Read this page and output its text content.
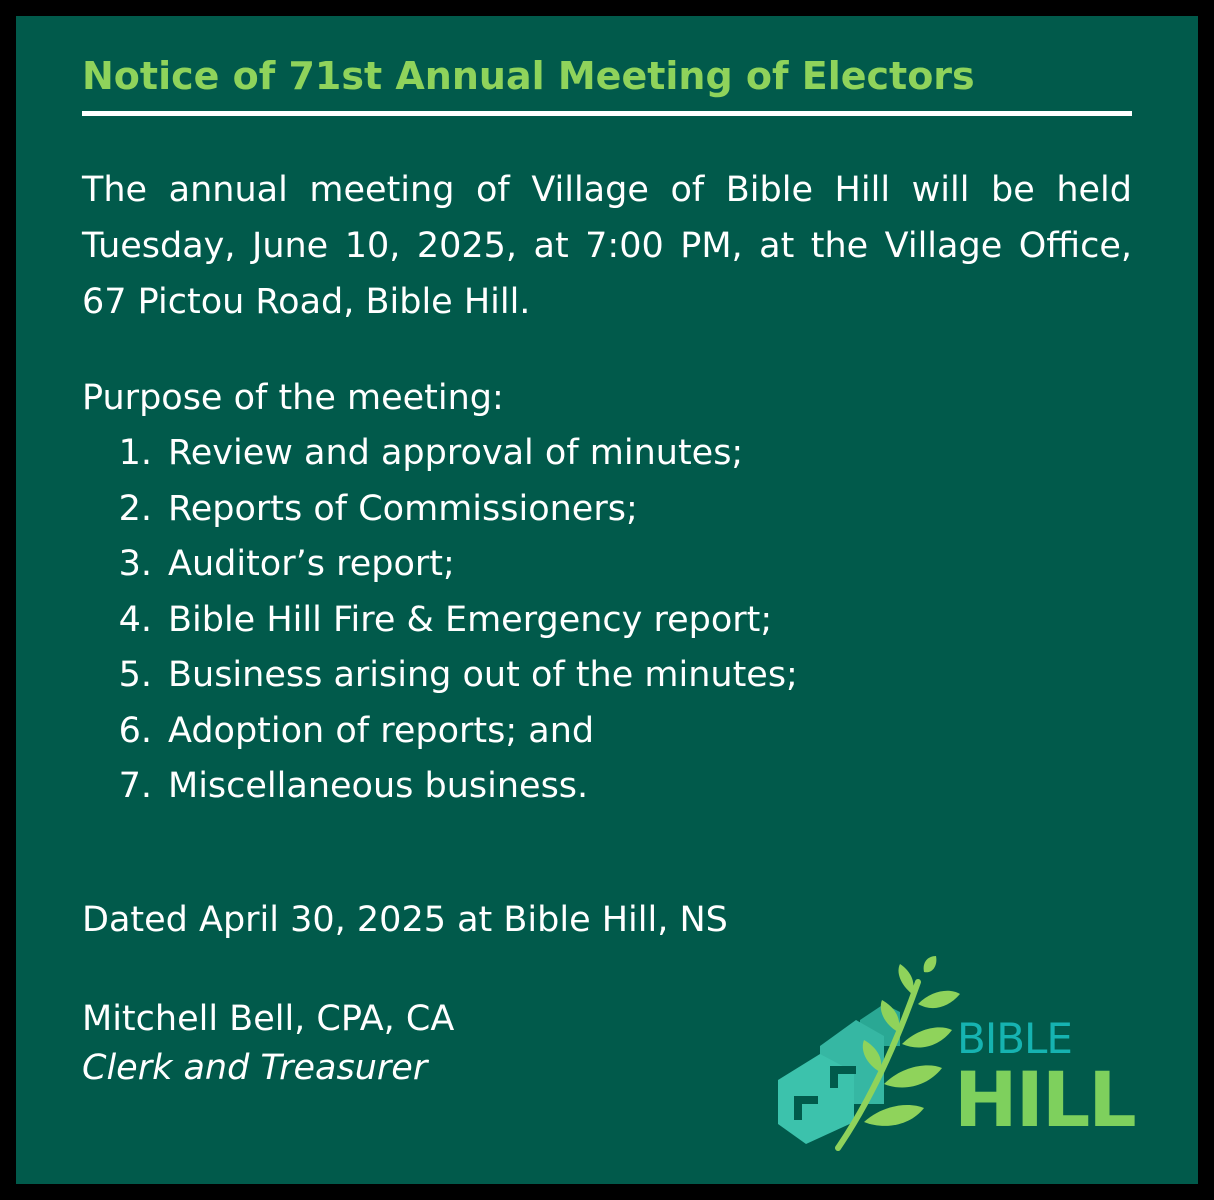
Notice of 71st Annual Meeting of Electors
The annual meeting of Village of Bible Hill will be held Tuesday, June 10, 2025, at 7:00 PM, at the Village Office, 67 Pictou Road, Bible Hill.
Purpose of the meeting:
1. Review and approval of minutes;
2. Reports of Commissioners;
3. Auditor’s report;
4. Bible Hill Fire & Emergency report;
5. Business arising out of the minutes;
6. Adoption of reports; and
7. Miscellaneous business.
Dated April 30, 2025 at Bible Hill, NS
Mitchell Bell, CPA, CA
Clerk and Treasurer
BIBLE
HILL
